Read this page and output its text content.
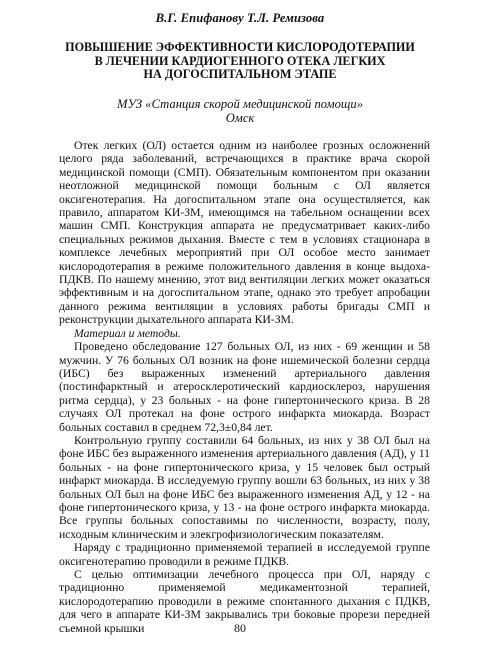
В.Г. Епифанову Т.Л. Ремизова
ПОВЫШЕНИЕ ЭФФЕКТИВНОСТИ КИСЛОРОДОТЕРАПИИ
В ЛЕЧЕНИИ КАРДИОГЕННОГО ОТЕКА ЛЕГКИХ
НА ДОГОСПИТАЛЬНОМ ЭТАПЕ
МУЗ «Станция скорой медицинской помощи»
Омск

Отек легких (ОЛ) остается одним из наиболее грозных осложнений целого ряда заболеваний, встречающихся в практике врача скорой медицинской помощи (СМП). Обязательным компонентом при оказании неотложной медицинской помощи больным с ОЛ является оксигенотерапия. На догоспитальном этапе она осуществляется, как правило, аппаратом КИ-ЗМ, имеющимся на табельном оснащении всех машин СМП. Конструкция аппарата не предусматривает каких-либо специальных режимов дыхания. Вместе с тем в условиях стационара в комплексе лечебных мероприятий при ОЛ особое место занимает кислородотерапия в режиме положительного давления в конце выдоха- ПДКВ. По нашему мнению, этот вид вентиляции легких может оказаться эффективным и на догоспитальном этапе, однако это требует апробации данного режима вентиляции в условиях работы бригады СМП и реконструкции дыхательного аппарата КИ-ЗМ.

Материал и методы.

Проведено обследование 127 больных ОЛ, из них - 69 женщин и 58 мужчин. У 76 больных ОЛ возник на фоне ишемической болезни сердца (ИБС) без выраженных изменений артериального давления (постинфарктный и атеросклеротический кардиосклероз, нарушения ритма сердца), у 23 больных - на фоне гипертонического криза. В 28 случаях ОЛ протекал на фоне острого инфаркта миокарда. Возраст больных составил в среднем 72,3±0,84 лет.

Контрольную группу составили 64 больных, из них у 38 ОЛ был на фоне ИБС без выраженного изменения артериального давления (АД), у 11 больных - на фоне гипертонического криза, у 15 человек был острый инфаркт миокарда. В исследуемую группу вошли 63 больных, из них у 38 больных ОЛ был на фоне ИБС без выраженного изменения АД, у 12 - на фоне гипертонического криза, у 13 - на фоне острого инфаркта миокарда. Все группы больных сопоставимы по численности, возрасту, полу, исходным клиническим и элекгрофизиологическим показателям.

Наряду с традиционно применяемой терапией в исследуемой группе оксигенотерапию проводили в режиме ПДКВ.

С целью оптимизации лечебного процесса при ОЛ, наряду с традиционно применяемой медикаментозной терапией, кислородотерапию проводили в режиме спонтанного дыхания с ПДКВ, для чего в аппарате КИ-ЗМ закрывались три боковые прорези передней съемной крышки	80
